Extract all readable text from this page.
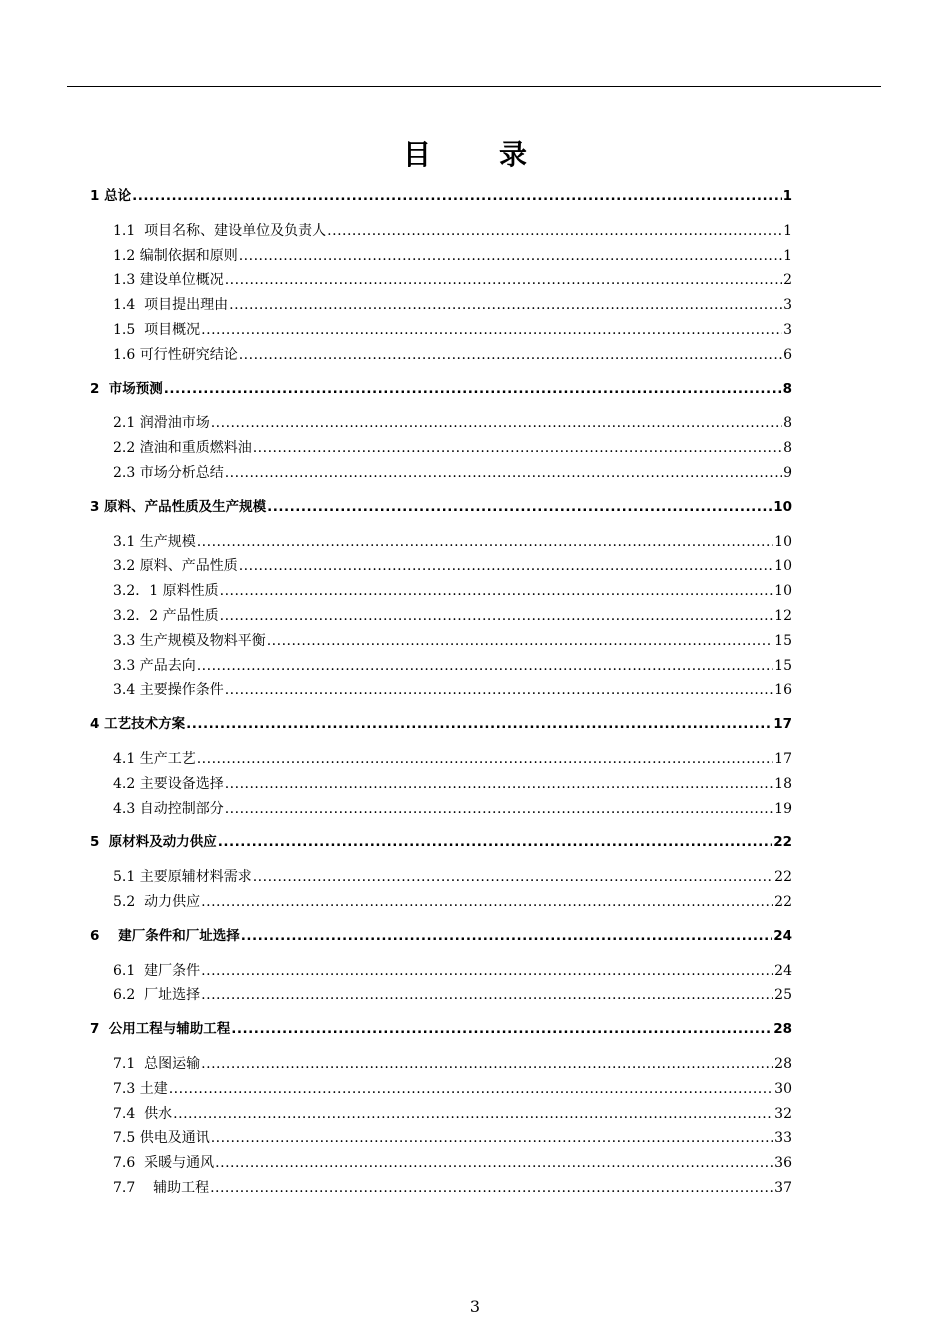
目　录
1 总论 .....	1
1.1  项目名称、建设单位及负责人 .....	1
1.2 编制依据和原则 .....	1
1.3 建设单位概况 .....	2
1.4  项目提出理由 .....	3
1.5  项目概况 .....	3
1.6 可行性研究结论 .....	6
2  市场预测 .....	8
2.1 润滑油市场 .....	8
2.2 渣油和重质燃料油 .....	8
2.3 市场分析总结 .....	9
3 原料、产品性质及生产规模 .....	10
3.1 生产规模 .....	10
3.2 原料、产品性质 .....	10
3.2．1 原料性质 .....	10
3.2．2 产品性质 .....	12
3.3 生产规模及物料平衡 .....	15
3.3 产品去向 .....	15
3.4 主要操作条件 .....	16
4 工艺技术方案 .....	17
4.1 生产工艺 .....	17
4.2 主要设备选择 .....	18
4.3 自动控制部分 .....	19
5  原材料及动力供应 .....	22
5.1 主要原辅材料需求 .....	22
5.2  动力供应 .....	22
6    建厂条件和厂址选择 .....	24
6.1  建厂条件 .....	24
6.2  厂址选择 .....	25
7  公用工程与辅助工程 .....	28
7.1  总图运输 .....	28
7.3 土建 .....	30
7.4  供水 .....	32
7.5 供电及通讯 .....	33
7.6  采暖与通风 .....	36
7.7    辅助工程 .....	37
3
